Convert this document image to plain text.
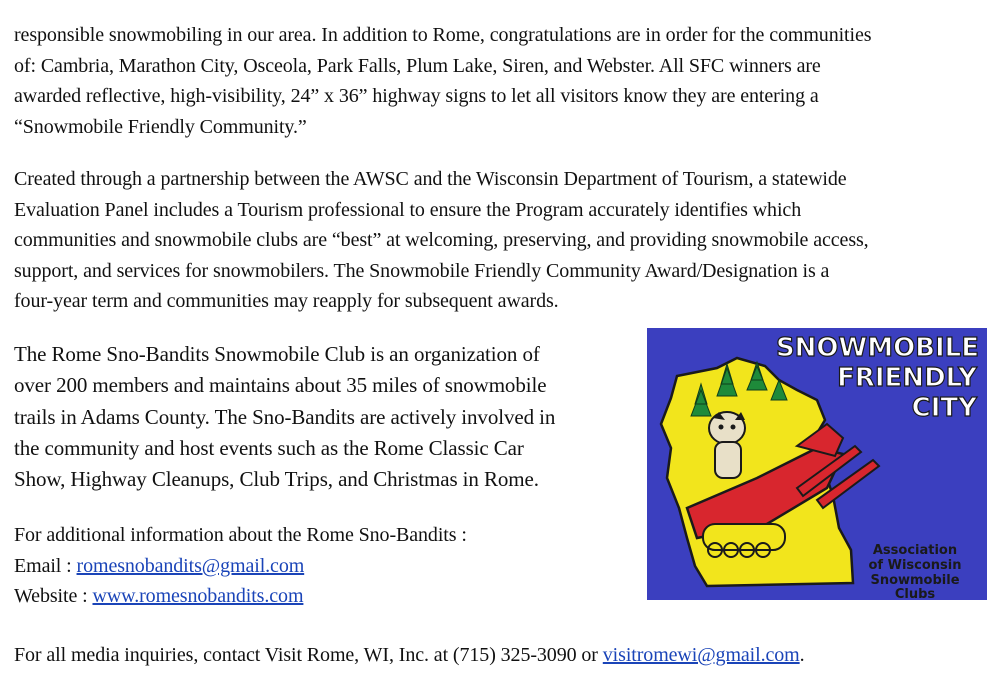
responsible snowmobiling in our area. In addition to Rome, congratulations are in order for the communities
of: Cambria, Marathon City, Osceola, Park Falls, Plum Lake, Siren, and Webster. All SFC winners are
awarded reflective, high-visibility, 24” x 36” highway signs to let all visitors know they are entering a
“Snowmobile Friendly Community.”

Created through a partnership between the AWSC and the Wisconsin Department of Tourism, a statewide
Evaluation Panel includes a Tourism professional to ensure the Program accurately identifies which
communities and snowmobile clubs are “best” at welcoming, preserving, and providing snowmobile access,
support, and services for snowmobilers. The Snowmobile Friendly Community Award/Designation is a
four-year term and communities may reapply for subsequent awards.

The Rome Sno-Bandits Snowmobile Club is an organization of
over 200 members and maintains about 35 miles of snowmobile
trails in Adams County. The Sno-Bandits are actively involved in
the community and host events such as the Rome Classic Car
Show, Highway Cleanups, Club Trips, and Christmas in Rome.

For additional information about the Rome Sno-Bandits :
Email : romesnobandits@gmail.com
Website : www.romesnobandits.com

For all media inquiries, contact Visit Rome, WI, Inc. at (715) 325-3090 or visitromewi@gmail.com.

SNOWMOBILE
FRIENDLY
CITY
Association
of Wisconsin
Snowmobile
Clubs
